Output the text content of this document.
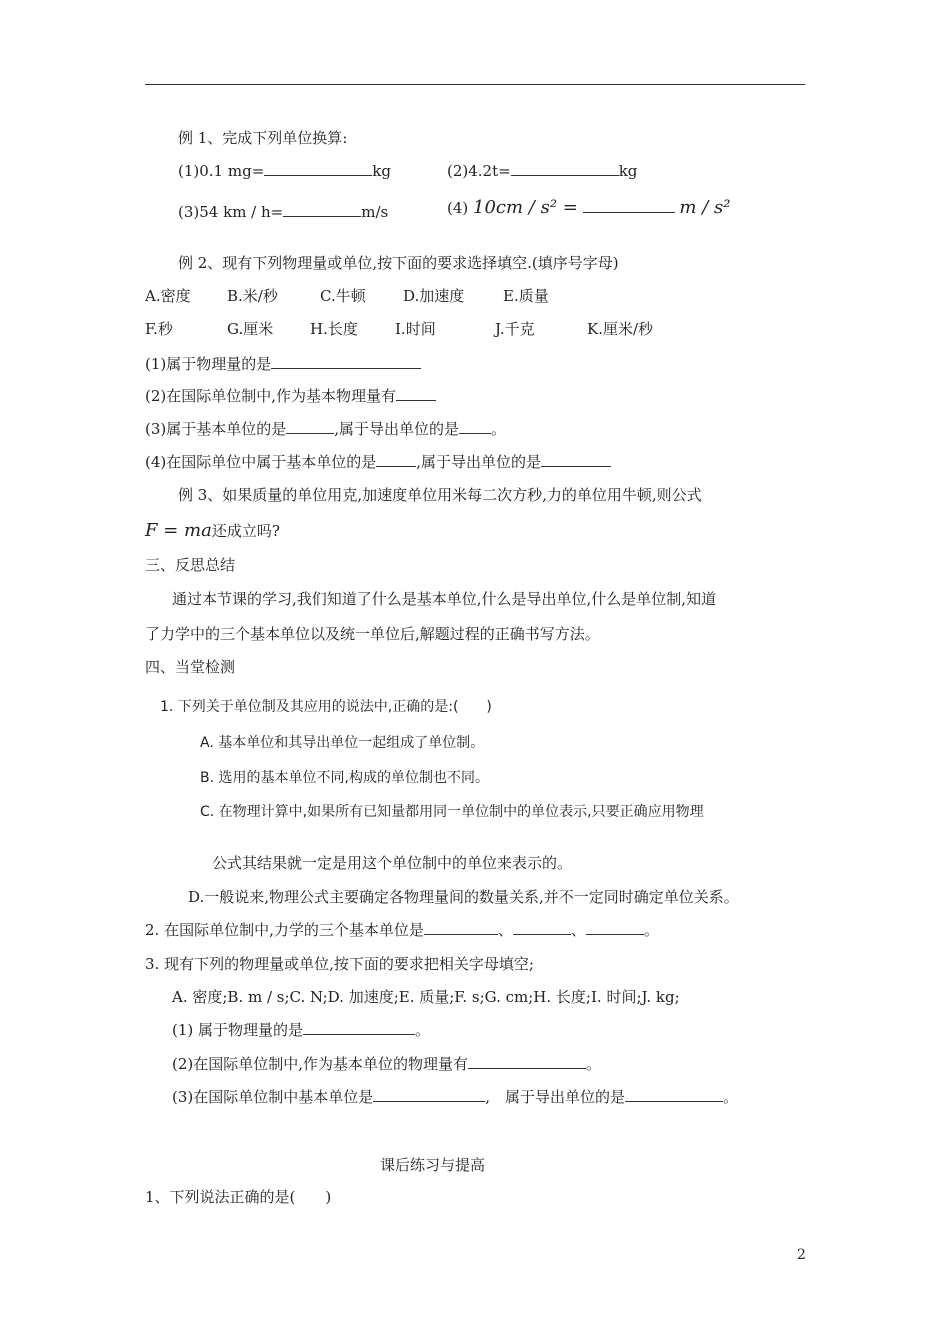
例 1、完成下列单位换算:
(1)0.1 mg=	kg	(2)4.2t=	kg
(3)54 km / h=	m/s	(4) 10cm / s² =	m / s²
例 2、现有下列物理量或单位,按下面的要求选择填空.(填序号字母)
A.密度 B.米/秒	C.牛顿 D.加速度	E.质量
F.秒	G.厘米 H.长度 I.时间	J.千克	K.厘米/秒
(1)属于物理量的是
(2)在国际单位制中,作为基本物理量有
(3)属于基本单位的是	,属于导出单位的是 。
(4)在国际单位中属于基本单位的是	,属于导出单位的是
例 3、如果质量的单位用克,加速度单位用米每二次方秒,力的单位用牛顿,则公式
F = ma还成立吗?
三、反思总结
通过本节课的学习,我们知道了什么是基本单位,什么是导出单位,什么是单位制,知道
了力学中的三个基本单位以及统一单位后,解题过程的正确书写方法。
四、当堂检测
1. 下列关于单位制及其应用的说法中,正确的是:(　　)
A. 基本单位和其导出单位一起组成了单位制。
B. 选用的基本单位不同,构成的单位制也不同。
C. 在物理计算中,如果所有已知量都用同一单位制中的单位表示,只要正确应用物理
公式其结果就一定是用这个单位制中的单位来表示的。
D.一般说来,物理公式主要确定各物理量间的数量关系,并不一定同时确定单位关系。
2. 在国际单位制中,力学的三个基本单位是	、	、	。
3. 现有下列的物理量或单位,按下面的要求把相关字母填空;
A. 密度;B. m / s;C. N;D. 加速度;E. 质量;F. s;G. cm;H. 长度;I. 时间;J. kg;
(1) 属于物理量的是	。
(2)在国际单位制中,作为基本单位的物理量有	。
(3)在国际单位制中基本单位是	,　属于导出单位的是	。
课后练习与提高
1、下列说法正确的是(　　)
2
